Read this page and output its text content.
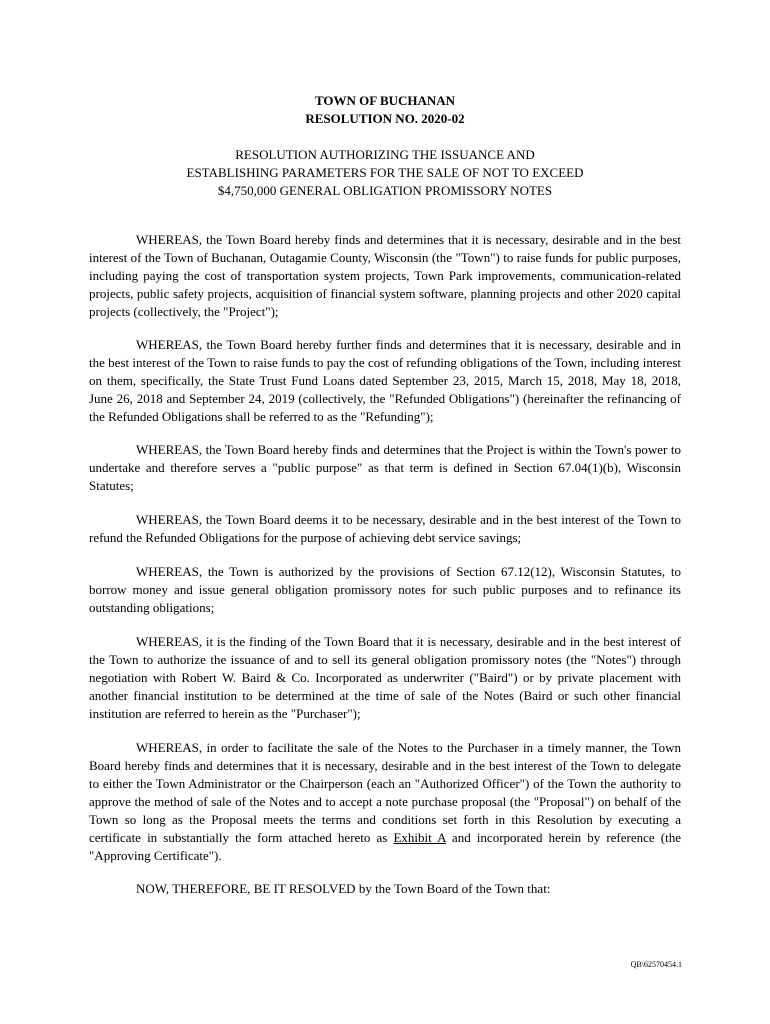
TOWN OF BUCHANAN
RESOLUTION NO. 2020-02
RESOLUTION AUTHORIZING THE ISSUANCE AND
ESTABLISHING PARAMETERS FOR THE SALE OF NOT TO EXCEED
$4,750,000 GENERAL OBLIGATION PROMISSORY NOTES

WHEREAS, the Town Board hereby finds and determines that it is necessary, desirable and in the best interest of the Town of Buchanan, Outagamie County, Wisconsin (the "Town") to raise funds for public purposes, including paying the cost of transportation system projects, Town Park improvements, communication-related projects, public safety projects, acquisition of financial system software, planning projects and other 2020 capital projects (collectively, the "Project");

WHEREAS, the Town Board hereby further finds and determines that it is necessary, desirable and in the best interest of the Town to raise funds to pay the cost of refunding obligations of the Town, including interest on them, specifically, the State Trust Fund Loans dated September 23, 2015, March 15, 2018, May 18, 2018, June 26, 2018 and September 24, 2019 (collectively, the "Refunded Obligations") (hereinafter the refinancing of the Refunded Obligations shall be referred to as the "Refunding");

WHEREAS, the Town Board hereby finds and determines that the Project is within the Town's power to undertake and therefore serves a "public purpose" as that term is defined in Section 67.04(1)(b), Wisconsin Statutes;

WHEREAS, the Town Board deems it to be necessary, desirable and in the best interest of the Town to refund the Refunded Obligations for the purpose of achieving debt service savings;

WHEREAS, the Town is authorized by the provisions of Section 67.12(12), Wisconsin Statutes, to borrow money and issue general obligation promissory notes for such public purposes and to refinance its outstanding obligations;

WHEREAS, it is the finding of the Town Board that it is necessary, desirable and in the best interest of the Town to authorize the issuance of and to sell its general obligation promissory notes (the "Notes") through negotiation with Robert W. Baird & Co. Incorporated as underwriter ("Baird") or by private placement with another financial institution to be determined at the time of sale of the Notes (Baird or such other financial institution are referred to herein as the "Purchaser");

WHEREAS, in order to facilitate the sale of the Notes to the Purchaser in a timely manner, the Town Board hereby finds and determines that it is necessary, desirable and in the best interest of the Town to delegate to either the Town Administrator or the Chairperson (each an "Authorized Officer") of the Town the authority to approve the method of sale of the Notes and to accept a note purchase proposal (the "Proposal") on behalf of the Town so long as the Proposal meets the terms and conditions set forth in this Resolution by executing a certificate in substantially the form attached hereto as Exhibit A and incorporated herein by reference (the "Approving Certificate").

NOW, THEREFORE, BE IT RESOLVED by the Town Board of the Town that:

QB\62570454.1
